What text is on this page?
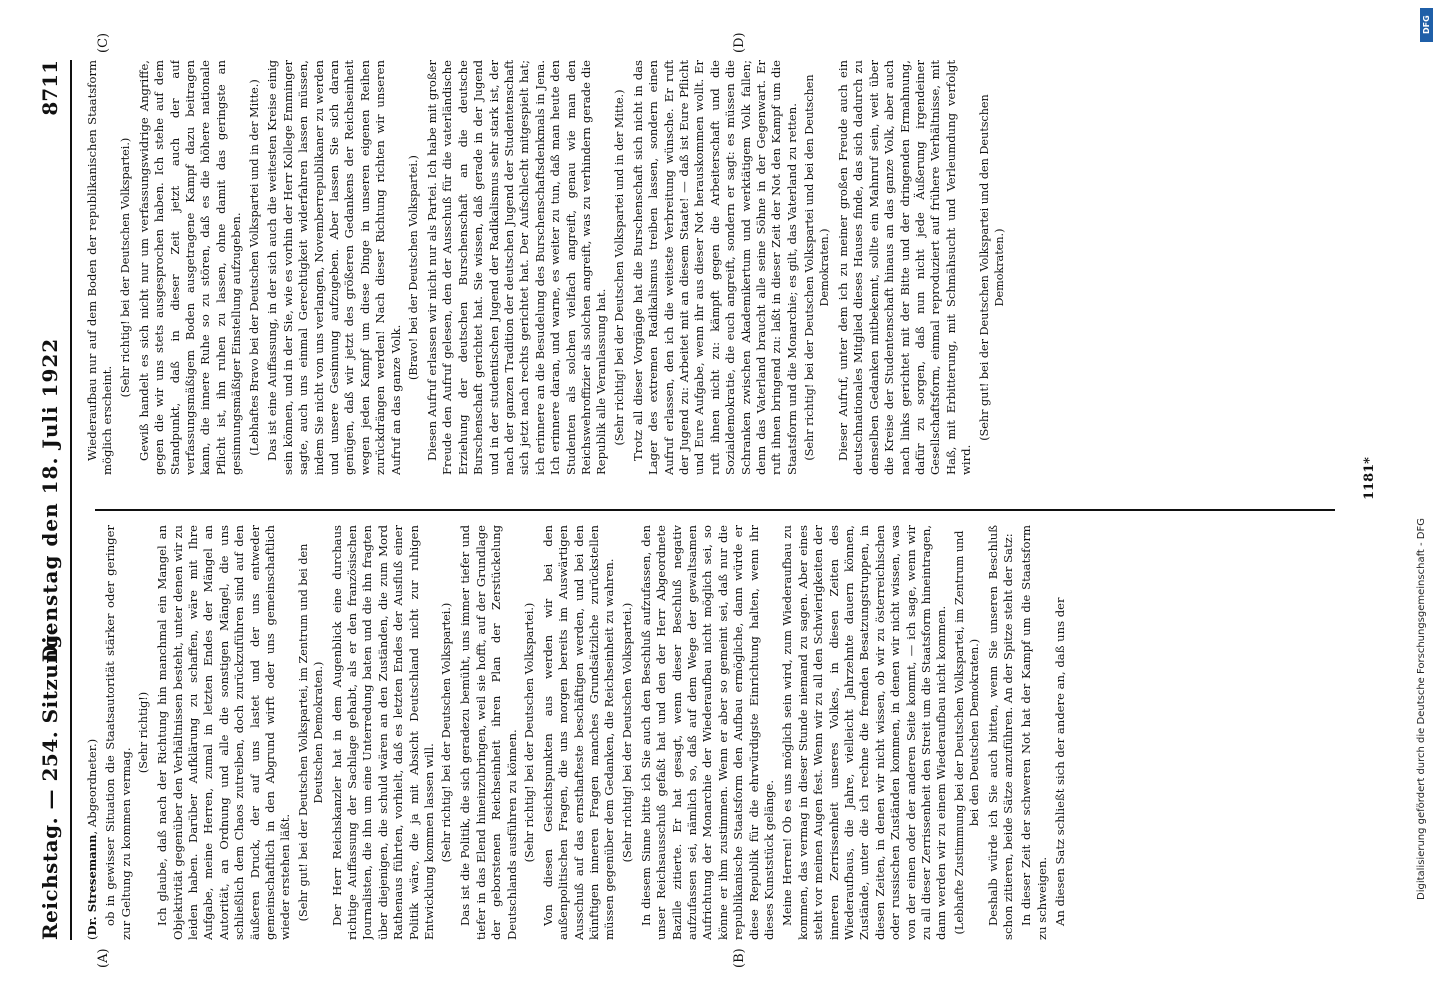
Reichstag. — 254. Sitzung.
Dienstag den 18. Juli 1922
8711
(A)	(B)
(C)	(D)

(Dr. Stresemann, Abgeordneter.) ob in gewisser Situation die Staatsautorität stärker oder geringer zur Geltung zu kommen vermag.

(Sehr richtig!) Ich glaube, daß nach der Richtung hin manchmal ein Mangel an Objektivität gegenüber den Verhältnissen besteht, unter denen wir zu leiden haben. Darüber Aufklärung zu schaffen, wäre mit Ihre Aufgabe, meine Herren, zumal in letzten Endes der Mängel an Autorität, an Ordnung und alle die sonstigen Mängel, die uns schließlich dem Chaos zutreiben, doch zurückzuführen sind auf den äußeren Druck, der auf uns lastet und der uns entweder gemeinschaftlich in den Abgrund wirft oder uns gemeinschaftlich wieder erstehen läßt. (Sehr gut! bei der Deutschen Volkspartei, im Zentrum und bei den Deutschen Demokraten.) Der Herr Reichskanzler hat in dem Augenblick eine durchaus richtige Auffassung der Sachlage gehabt, als er den französischen Journalisten, die ihn um eine Unterredung baten und die ihn fragten über diejenigen, die schuld wären an den Zuständen, die zum Mord Rathenaus führten, vorhielt, daß es letzten Endes der Ausfluß einer Politik wäre, die ja mit Absicht Deutschland nicht zur ruhigen Entwicklung kommen lassen will. (Sehr richtig! bei der Deutschen Volkspartei.) Das ist die Politik, die sich geradezu bemüht, uns immer tiefer und tiefer in das Elend hineinzubringen, weil sie hofft, auf der Grundlage der geborstenen Reichseinheit ihren Plan der Zerstückelung Deutschlands ausführen zu können. (Sehr richtig! bei der Deutschen Volkspartei.) Von diesen Gesichtspunkten aus werden wir bei den außenpolitischen Fragen, die uns morgen bereits im Auswärtigen Ausschuß auf das ernsthafteste beschäftigen werden, und bei den künftigen inneren Fragen manches Grundsätzliche zurückstellen müssen gegenüber dem Gedanken, die Reichseinheit zu wahren. (Sehr richtig! bei der Deutschen Volkspartei.) In diesem Sinne bitte ich Sie auch den Beschluß aufzufassen, den unser Reichsausschuß gefaßt hat und den der Herr Abgeordnete Bazille zitierte. Er hat gesagt, wenn dieser Beschluß negativ aufzufassen sei, nämlich so, daß auf dem Wege der gewaltsamen Aufrichtung der Monarchie der Wiederaufbau nicht möglich sei, so könne er ihm zustimmen. Wenn er aber so gemeint sei, daß nur die republikanische Staatsform den Aufbau ermögliche, dann würde er diese Republik für die ehrwürdigste Einrichtung halten, wenn ihr dieses Kunststück gelänge. Meine Herren! Ob es uns möglich sein wird, zum Wiederaufbau zu kommen, das vermag in dieser Stunde niemand zu sagen. Aber eines steht vor meinen Augen fest. Wenn wir zu all den Schwierigkeiten der inneren Zerrissenheit unseres Volkes, in diesen Zeiten des Wiederaufbaus, die Jahre, vielleicht Jahrzehnte dauern können, Zustände, unter die ich rechne die fremden Besatzungstruppen, in diesen Zeiten, in denen wir nicht wissen, ob wir zu österreichischen oder russischen Zuständen kommen, in denen wir nicht wissen, was von der einen oder der anderen Seite kommt, — ich sage, wenn wir zu all dieser Zerrissenheit den Streit um die Staatsform hineintragen, dann werden wir zu einem Wiederaufbau nicht kommen. (Lebhafte Zustimmung bei der Deutschen Volkspartei, im Zentrum und bei den Deutschen Demokraten.) Deshalb würde ich Sie auch bitten, wenn Sie unseren Beschluß schon zitieren, beide Sätze anzuführen. An der Spitze steht der Satz: In dieser Zeit der schweren Not hat der Kampf um die Staatsform zu schweigen. An diesen Satz schließt sich der andere an, daß uns der

Wiederaufbau nur auf dem Boden der republikanischen Staatsform möglich erscheint.

(Sehr richtig! bei der Deutschen Volkspartei.) Gewiß handelt es sich nicht nur um verfassungswidrige Angriffe, gegen die wir uns stets ausgesprochen haben. Ich stehe auf dem Standpunkt, daß in dieser Zeit jetzt auch der auf verfassungsmäßigem Boden ausgetragene Kampf dazu beitragen kann, die innere Ruhe so zu stören, daß es die höhere nationale Pflicht ist, ihn ruhen zu lassen, ohne damit das geringste an gesinnungsmäßiger Einstellung aufzugeben. (Lebhaftes Bravo bei der Deutschen Volkspartei und in der Mitte.) Das ist eine Auffassung, in der sich auch die weitesten Kreise einig sein können, und in der Sie, wie es vorhin der Herr Kollege Emminger sagte, auch uns einmal Gerechtigkeit widerfahren lassen müssen, indem Sie nicht von uns verlangen, Novemberrepublikaner zu werden und unsere Gesinnung aufzugeben. Aber lassen Sie sich daran genügen, daß wir jetzt des größeren Gedankens der Reichseinheit wegen jeden Kampf um diese Dinge in unseren eigenen Reihen zurückdrängen werden! Nach dieser Richtung richten wir unseren Aufruf an das ganze Volk.

(Bravo! bei der Deutschen Volkspartei.) Diesen Aufruf erlassen wir nicht nur als Partei. Ich habe mit großer Freude den Aufruf gelesen, den der Ausschuß für die vaterländische Erziehung der deutschen Burschenschaft an die deutsche Burschenschaft gerichtet hat. Sie wissen, daß gerade in der Jugend und in der studentischen Jugend der Radikalismus sehr stark ist, der nach der ganzen Tradition der deutschen Jugend der Studentenschaft sich jetzt nach rechts gerichtet hat. Der Aufschlecht mitgespielt hat; ich erinnere an die Besudelung des Burschenschaftsdenkmals in Jena. Ich erinnere daran, und warne, es weiter zu tun, daß man heute den Studenten als solchen vielfach angreift, genau wie man den Reichswehroffizier als solchen angreift, was zu verhindern gerade die Republik alle Veranlassung hat. (Sehr richtig! bei der Deutschen Volkspartei und in der Mitte.) Trotz all dieser Vorgänge hat die Burschenschaft sich nicht in das Lager des extremen Radikalismus treiben lassen, sondern einen Aufruf erlassen, den ich die weiteste Verbreitung wünsche. Er ruft der Jugend zu: Arbeitet mit an diesem Staate! — daß ist Eure Pflicht und Eure Aufgabe, wenn ihr aus dieser Not herauskommen wollt. Er ruft ihnen nicht zu: kämpft gegen die Arbeiterschaft und die Sozialdemokratie, die euch angreift, sondern er sagt: es müssen die Schranken zwischen Akademikertum und werktätigem Volk fallen; denn das Vaterland braucht alle seine Söhne in der Gegenwart. Er ruft ihnen bringend zu: laßt in dieser Zeit der Not den Kampf um die Staatsform und die Monarchie; es gilt, das Vaterland zu retten. (Sehr richtig! bei der Deutschen Volkspartei und bei den Deutschen Demokraten.) Dieser Aufruf, unter dem ich zu meiner großen Freude auch ein deutschnationales Mitglied dieses Hauses finde, das sich dadurch zu denselben Gedanken mitbekennt, sollte ein Mahnruf sein, weit über die Kreise der Studentenschaft hinaus an das ganze Volk, aber auch nach links gerichtet mit der Bitte und der dringenden Ermahnung, dafür zu sorgen, daß nun nicht jede Äußerung irgendeiner Gesellschaftsform, einmal reproduziert auf frühere Verhältnisse, mit Haß, mit Erbitterung, mit Schmähsucht und Verleumdung verfolgt wird.

(Sehr gut! bei der Deutschen Volkspartei und den Deutschen Demokraten.)

1181*
DFG
Digitalisierung gefördert durch die Deutsche Forschungsgemeinschaft - DFG
